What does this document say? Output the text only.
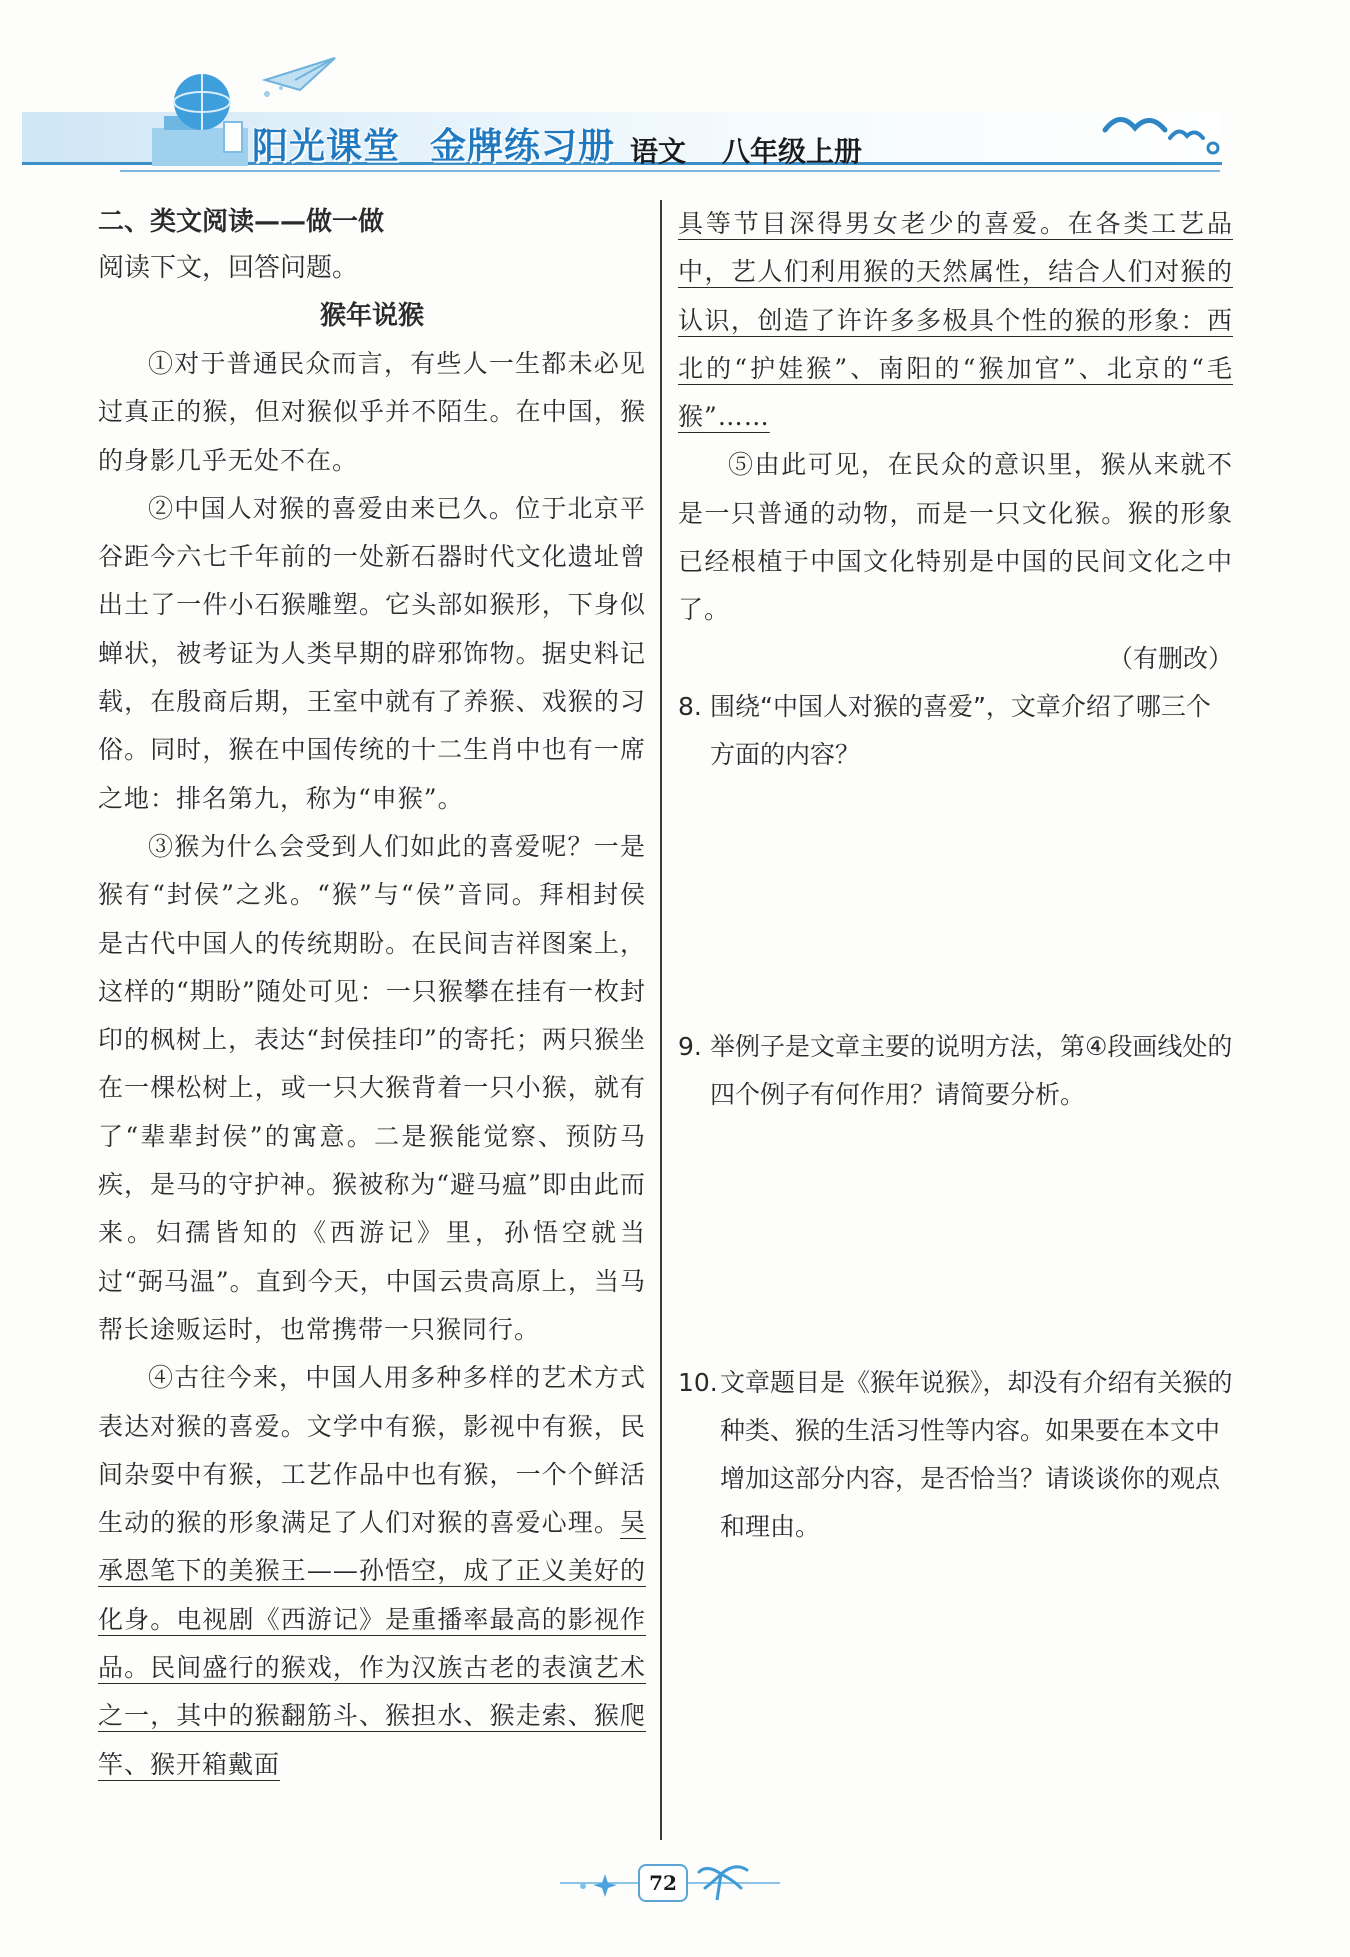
阳光课堂 金牌练习册 语文 八年级上册

二、类文阅读——做一做

阅读下文，回答问题。

猴年说猴

①对于普通民众而言，有些人一生都未必见过真正的猴，但对猴似乎并不陌生。在中国，猴的身影几乎无处不在。

②中国人对猴的喜爱由来已久。位于北京平谷距今六七千年前的一处新石器时代文化遗址曾出土了一件小石猴雕塑。它头部如猴形，下身似蝉状，被考证为人类早期的辟邪饰物。据史料记载，在殷商后期，王室中就有了养猴、戏猴的习俗。同时，猴在中国传统的十二生肖中也有一席之地：排名第九，称为“申猴”。

③猴为什么会受到人们如此的喜爱呢？一是猴有“封侯”之兆。“猴”与“侯”音同。拜相封侯是古代中国人的传统期盼。在民间吉祥图案上，这样的“期盼”随处可见：一只猴攀在挂有一枚封印的枫树上，表达“封侯挂印”的寄托；两只猴坐在一棵松树上，或一只大猴背着一只小猴，就有了“辈辈封侯”的寓意。二是猴能觉察、预防马疾，是马的守护神。猴被称为“避马瘟”即由此而来。妇孺皆知的《西游记》里，孙悟空就当过“弼马温”。直到今天，中国云贵高原上，当马帮长途贩运时，也常携带一只猴同行。

④古往今来，中国人用多种多样的艺术方式表达对猴的喜爱。文学中有猴，影视中有猴，民间杂耍中有猴，工艺作品中也有猴，一个个鲜活生动的猴的形象满足了人们对猴的喜爱心理。吴承恩笔下的美猴王——孙悟空，成了正义美好的化身。电视剧《西游记》是重播率最高的影视作品。民间盛行的猴戏，作为汉族古老的表演艺术之一，其中的猴翻筋斗、猴担水、猴走索、猴爬竿、猴开箱戴面

具等节目深得男女老少的喜爱。在各类工艺品中，艺人们利用猴的天然属性，结合人们对猴的认识，创造了许许多多极具个性的猴的形象：西北的“护娃猴”、南阳的“猴加官”、北京的“毛猴”……

⑤由此可见，在民众的意识里，猴从来就不是一只普通的动物，而是一只文化猴。猴的形象已经根植于中国文化特别是中国的民间文化之中了。

（有删改）

8. 围绕“中国人对猴的喜爱”，文章介绍了哪三个方面的内容？

9. 举例子是文章主要的说明方法，第④段画线处的四个例子有何作用？请简要分析。

10.文章题目是《猴年说猴》，却没有介绍有关猴的种类、猴的生活习性等内容。如果要在本文中增加这部分内容，是否恰当？请谈谈你的观点和理由。

72
